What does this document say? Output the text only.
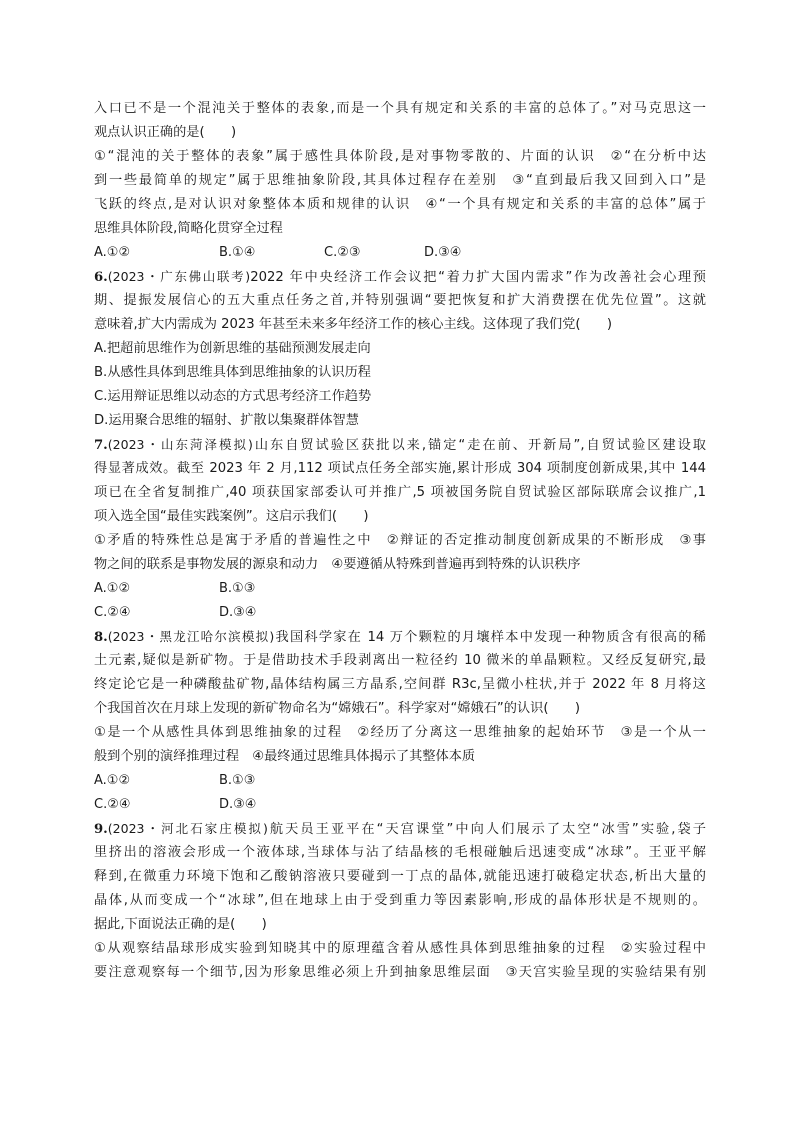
入口已不是一个混沌关于整体的表象,而是一个具有规定和关系的丰富的总体了。”对马克思这一
观点认识正确的是(　　)
①“混沌的关于整体的表象”属于感性具体阶段,是对事物零散的、片面的认识　②“在分析中达
到一些最简单的规定”属于思维抽象阶段,其具体过程存在差别　③“直到最后我又回到入口”是
飞跃的终点,是对认识对象整体本质和规律的认识　④“一个具有规定和关系的丰富的总体”属于
思维具体阶段,简略化贯穿全过程
A.①②	B.①④	C.②③	D.③④
6.(2023・广东佛山联考)2022 年中央经济工作会议把“着力扩大国内需求”作为改善社会心理预
期、提振发展信心的五大重点任务之首,并特别强调“要把恢复和扩大消费摆在优先位置”。这就
意味着,扩大内需成为 2023 年甚至未来多年经济工作的核心主线。这体现了我们党(　　)
A.把超前思维作为创新思维的基础预测发展走向
B.从感性具体到思维具体到思维抽象的认识历程
C.运用辩证思维以动态的方式思考经济工作趋势
D.运用聚合思维的辐射、扩散以集聚群体智慧
7.(2023・山东菏泽模拟)山东自贸试验区获批以来,锚定“走在前、开新局”,自贸试验区建设取
得显著成效。截至 2023 年 2 月,112 项试点任务全部实施,累计形成 304 项制度创新成果,其中 144
项已在全省复制推广,40 项获国家部委认可并推广,5 项被国务院自贸试验区部际联席会议推广,1
项入选全国“最佳实践案例”。这启示我们(　　)
①矛盾的特殊性总是寓于矛盾的普遍性之中　②辩证的否定推动制度创新成果的不断形成　③事
物之间的联系是事物发展的源泉和动力　④要遵循从特殊到普遍再到特殊的认识秩序
A.①②	B.①③
C.②④	D.③④
8.(2023・黑龙江哈尔滨模拟)我国科学家在 14 万个颗粒的月壤样本中发现一种物质含有很高的稀
土元素,疑似是新矿物。于是借助技术手段剥离出一粒径约 10 微米的单晶颗粒。又经反复研究,最
终定论它是一种磷酸盐矿物,晶体结构属三方晶系,空间群 R3c,呈微小柱状,并于 2022 年 8 月将这
个我国首次在月球上发现的新矿物命名为“嫦娥石”。科学家对“嫦娥石”的认识(　　)
①是一个从感性具体到思维抽象的过程　②经历了分离这一思维抽象的起始环节　③是一个从一
般到个别的演绎推理过程　④最终通过思维具体揭示了其整体本质
A.①②	B.①③
C.②④	D.③④
9.(2023・河北石家庄模拟)航天员王亚平在“天宫课堂”中向人们展示了太空“冰雪”实验,袋子
里挤出的溶液会形成一个液体球,当球体与沾了结晶核的毛根碰触后迅速变成“冰球”。王亚平解
释到,在微重力环境下饱和乙酸钠溶液只要碰到一丁点的晶体,就能迅速打破稳定状态,析出大量的
晶体,从而变成一个“冰球”,但在地球上由于受到重力等因素影响,形成的晶体形状是不规则的。
据此,下面说法正确的是(　　)
①从观察结晶球形成实验到知晓其中的原理蕴含着从感性具体到思维抽象的过程　②实验过程中
要注意观察每一个细节,因为形象思维必须上升到抽象思维层面　③天宫实验呈现的实验结果有别
